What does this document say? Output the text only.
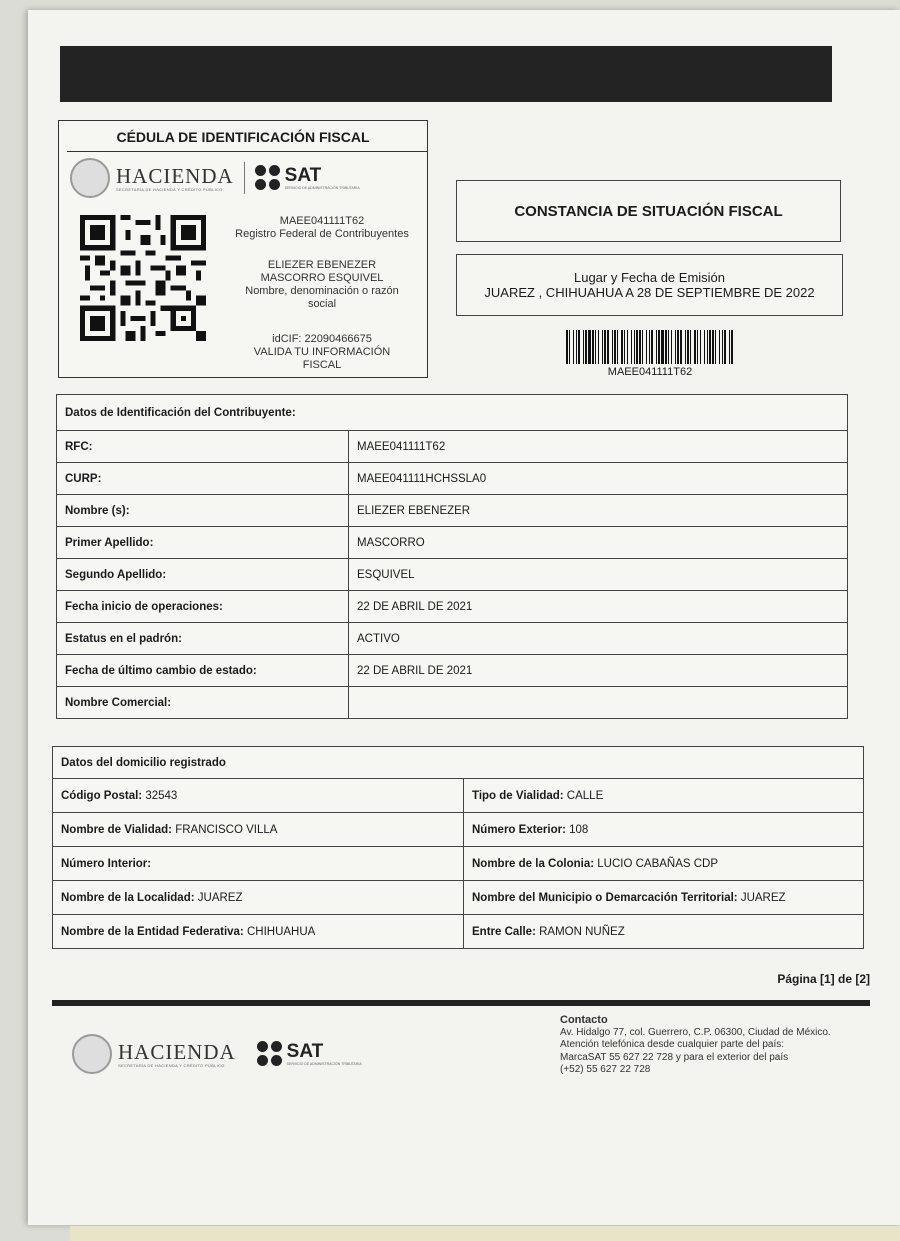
CÉDULA DE IDENTIFICACIÓN FISCAL
HACIENDA
SECRETARÍA DE HACIENDA Y CRÉDITO PÚBLICO
SAT
SERVICIO DE ADMINISTRACIÓN TRIBUTARIA
MAEE041111T62
Registro Federal de Contribuyentes
ELIEZER EBENEZER
MASCORRO ESQUIVEL
Nombre, denominación o razón
social
idCIF: 22090466675
VALIDA TU INFORMACIÓN
FISCAL
CONSTANCIA DE SITUACIÓN FISCAL
Lugar y Fecha de Emisión
JUAREZ , CHIHUAHUA A 28 DE SEPTIEMBRE DE 2022
MAEE041111T62
Datos de Identificación del Contribuyente:	
RFC:	MAEE041111T62
CURP:	MAEE041111HCHSSLA0
Nombre (s):	ELIEZER EBENEZER
Primer Apellido:	MASCORRO
Segundo Apellido:	ESQUIVEL
Fecha inicio de operaciones:	22 DE ABRIL DE 2021
Estatus en el padrón:	ACTIVO
Fecha de último cambio de estado:	22 DE ABRIL DE 2021
Nombre Comercial:	
Datos del domicilio registrado	
Código Postal: 32543	Tipo de Vialidad: CALLE
Nombre de Vialidad: FRANCISCO VILLA	Número Exterior: 108
Número Interior:	Nombre de la Colonia: LUCIO CABAÑAS CDP
Nombre de la Localidad: JUAREZ	Nombre del Municipio o Demarcación Territorial: JUAREZ
Nombre de la Entidad Federativa: CHIHUAHUA	Entre Calle: RAMON NUÑEZ
Página [1] de [2]
HACIENDA
SECRETARÍA DE HACIENDA Y CRÉDITO PÚBLICO
SAT
SERVICIO DE ADMINISTRACIÓN TRIBUTARIA
Contacto
Av. Hidalgo 77, col. Guerrero, C.P. 06300, Ciudad de México.
Atención telefónica desde cualquier parte del país:
MarcaSAT 55 627 22 728 y para el exterior del país
(+52) 55 627 22 728
